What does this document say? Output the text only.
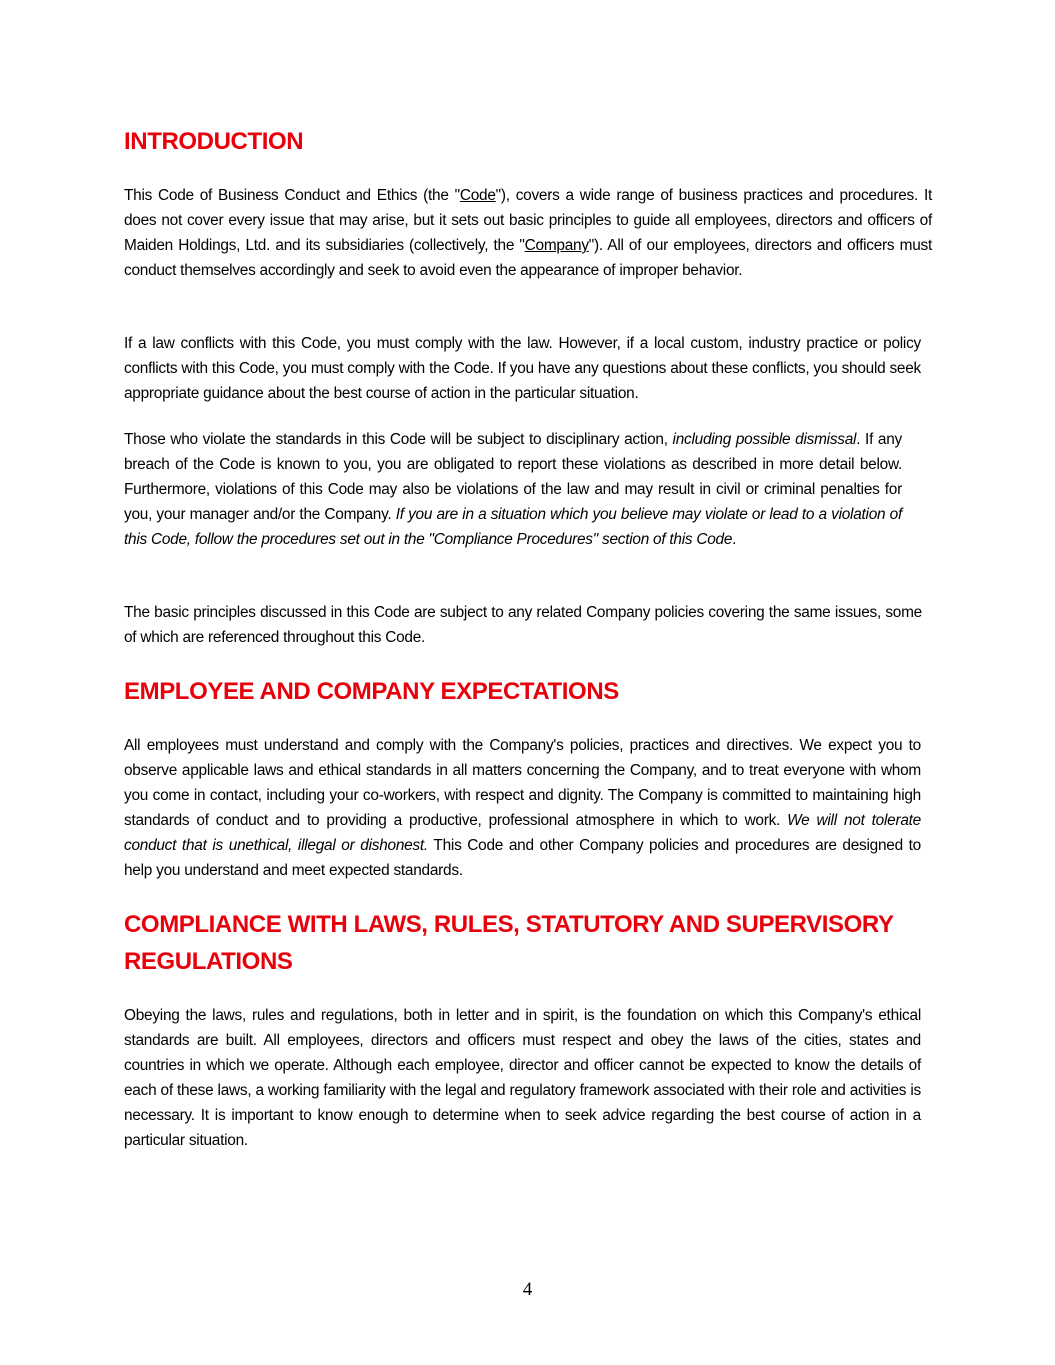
INTRODUCTION

This Code of Business Conduct and Ethics (the "Code"), covers a wide range of business practices and procedures. It does not cover every issue that may arise, but it sets out basic principles to guide all employees, directors and officers of Maiden Holdings, Ltd. and its subsidiaries (collectively, the "Company"). All of our employees, directors and officers must conduct themselves accordingly and seek to avoid even the appearance of improper behavior.

If a law conflicts with this Code, you must comply with the law. However, if a local custom, industry practice or policy conflicts with this Code, you must comply with the Code. If you have any questions about these conflicts, you should seek appropriate guidance about the best course of action in the particular situation.

Those who violate the standards in this Code will be subject to disciplinary action, including possible dismissal. If any breach of the Code is known to you, you are obligated to report these violations as described in more detail below. Furthermore, violations of this Code may also be violations of the law and may result in civil or criminal penalties for you, your manager and/or the Company. If you are in a situation which you believe may violate or lead to a violation of this Code, follow the procedures set out in the "Compliance Procedures" section of this Code.

The basic principles discussed in this Code are subject to any related Company policies covering the same issues, some of which are referenced throughout this Code.

EMPLOYEE AND COMPANY EXPECTATIONS

All employees must understand and comply with the Company's policies, practices and directives. We expect you to observe applicable laws and ethical standards in all matters concerning the Company, and to treat everyone with whom you come in contact, including your co-workers, with respect and dignity. The Company is committed to maintaining high standards of conduct and to providing a productive, professional atmosphere in which to work. We will not tolerate conduct that is unethical, illegal or dishonest. This Code and other Company policies and procedures are designed to help you understand and meet expected standards.

COMPLIANCE WITH LAWS, RULES, STATUTORY AND SUPERVISORY
REGULATIONS

Obeying the laws, rules and regulations, both in letter and in spirit, is the foundation on which this Company's ethical standards are built. All employees, directors and officers must respect and obey the laws of the cities, states and countries in which we operate. Although each employee, director and officer cannot be expected to know the details of each of these laws, a working familiarity with the legal and regulatory framework associated with their role and activities is necessary. It is important to know enough to determine when to seek advice regarding the best course of action in a particular situation.

4
